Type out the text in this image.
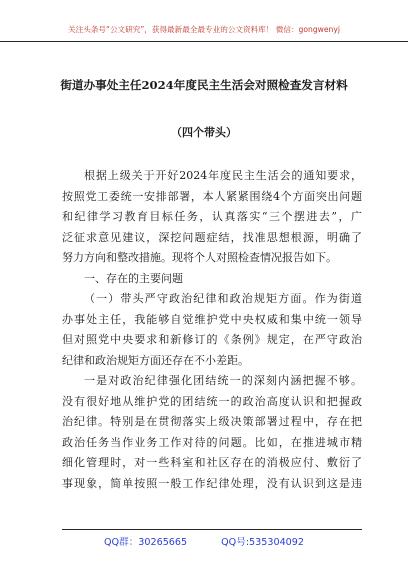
关注头条号“公文研究”，获得最新最全最专业的公文资料库！ 微信：gongwenyj
街道办事处主任2024年度民主生活会对照检查发言材料
（四个带头）
根据上级关于开好2024年度民主生活会的通知要求，
按照党工委统一安排部署，本人紧紧围绕4个方面突出问题
和纪律学习教育目标任务，认真落实“三个摆进去”，广
泛征求意见建议，深挖问题症结，找准思想根源，明确了
努力方向和整改措施。现将个人对照检查情况报告如下。
一、存在的主要问题
（一）带头严守政治纪律和政治规矩方面。作为街道
办事处主任，我能够自觉维护党中央权威和集中统一领导
但对照党中央要求和新修订的《条例》规定，在严守政治
纪律和政治规矩方面还存在不小差距。
一是对政治纪律强化团结统一的深刻内涵把握不够。
没有很好地从维护党的团结统一的政治高度认识和把握政
治纪律。特别是在贯彻落实上级决策部署过程中，存在把
政治任务当作业务工作对待的问题。比如，在推进城市精
细化管理时，对一些科室和社区存在的消极应付、敷衍了
事现象，简单按照一般工作纪律处理，没有认识到这是违
QQ群：30265665	QQ号:535304092
